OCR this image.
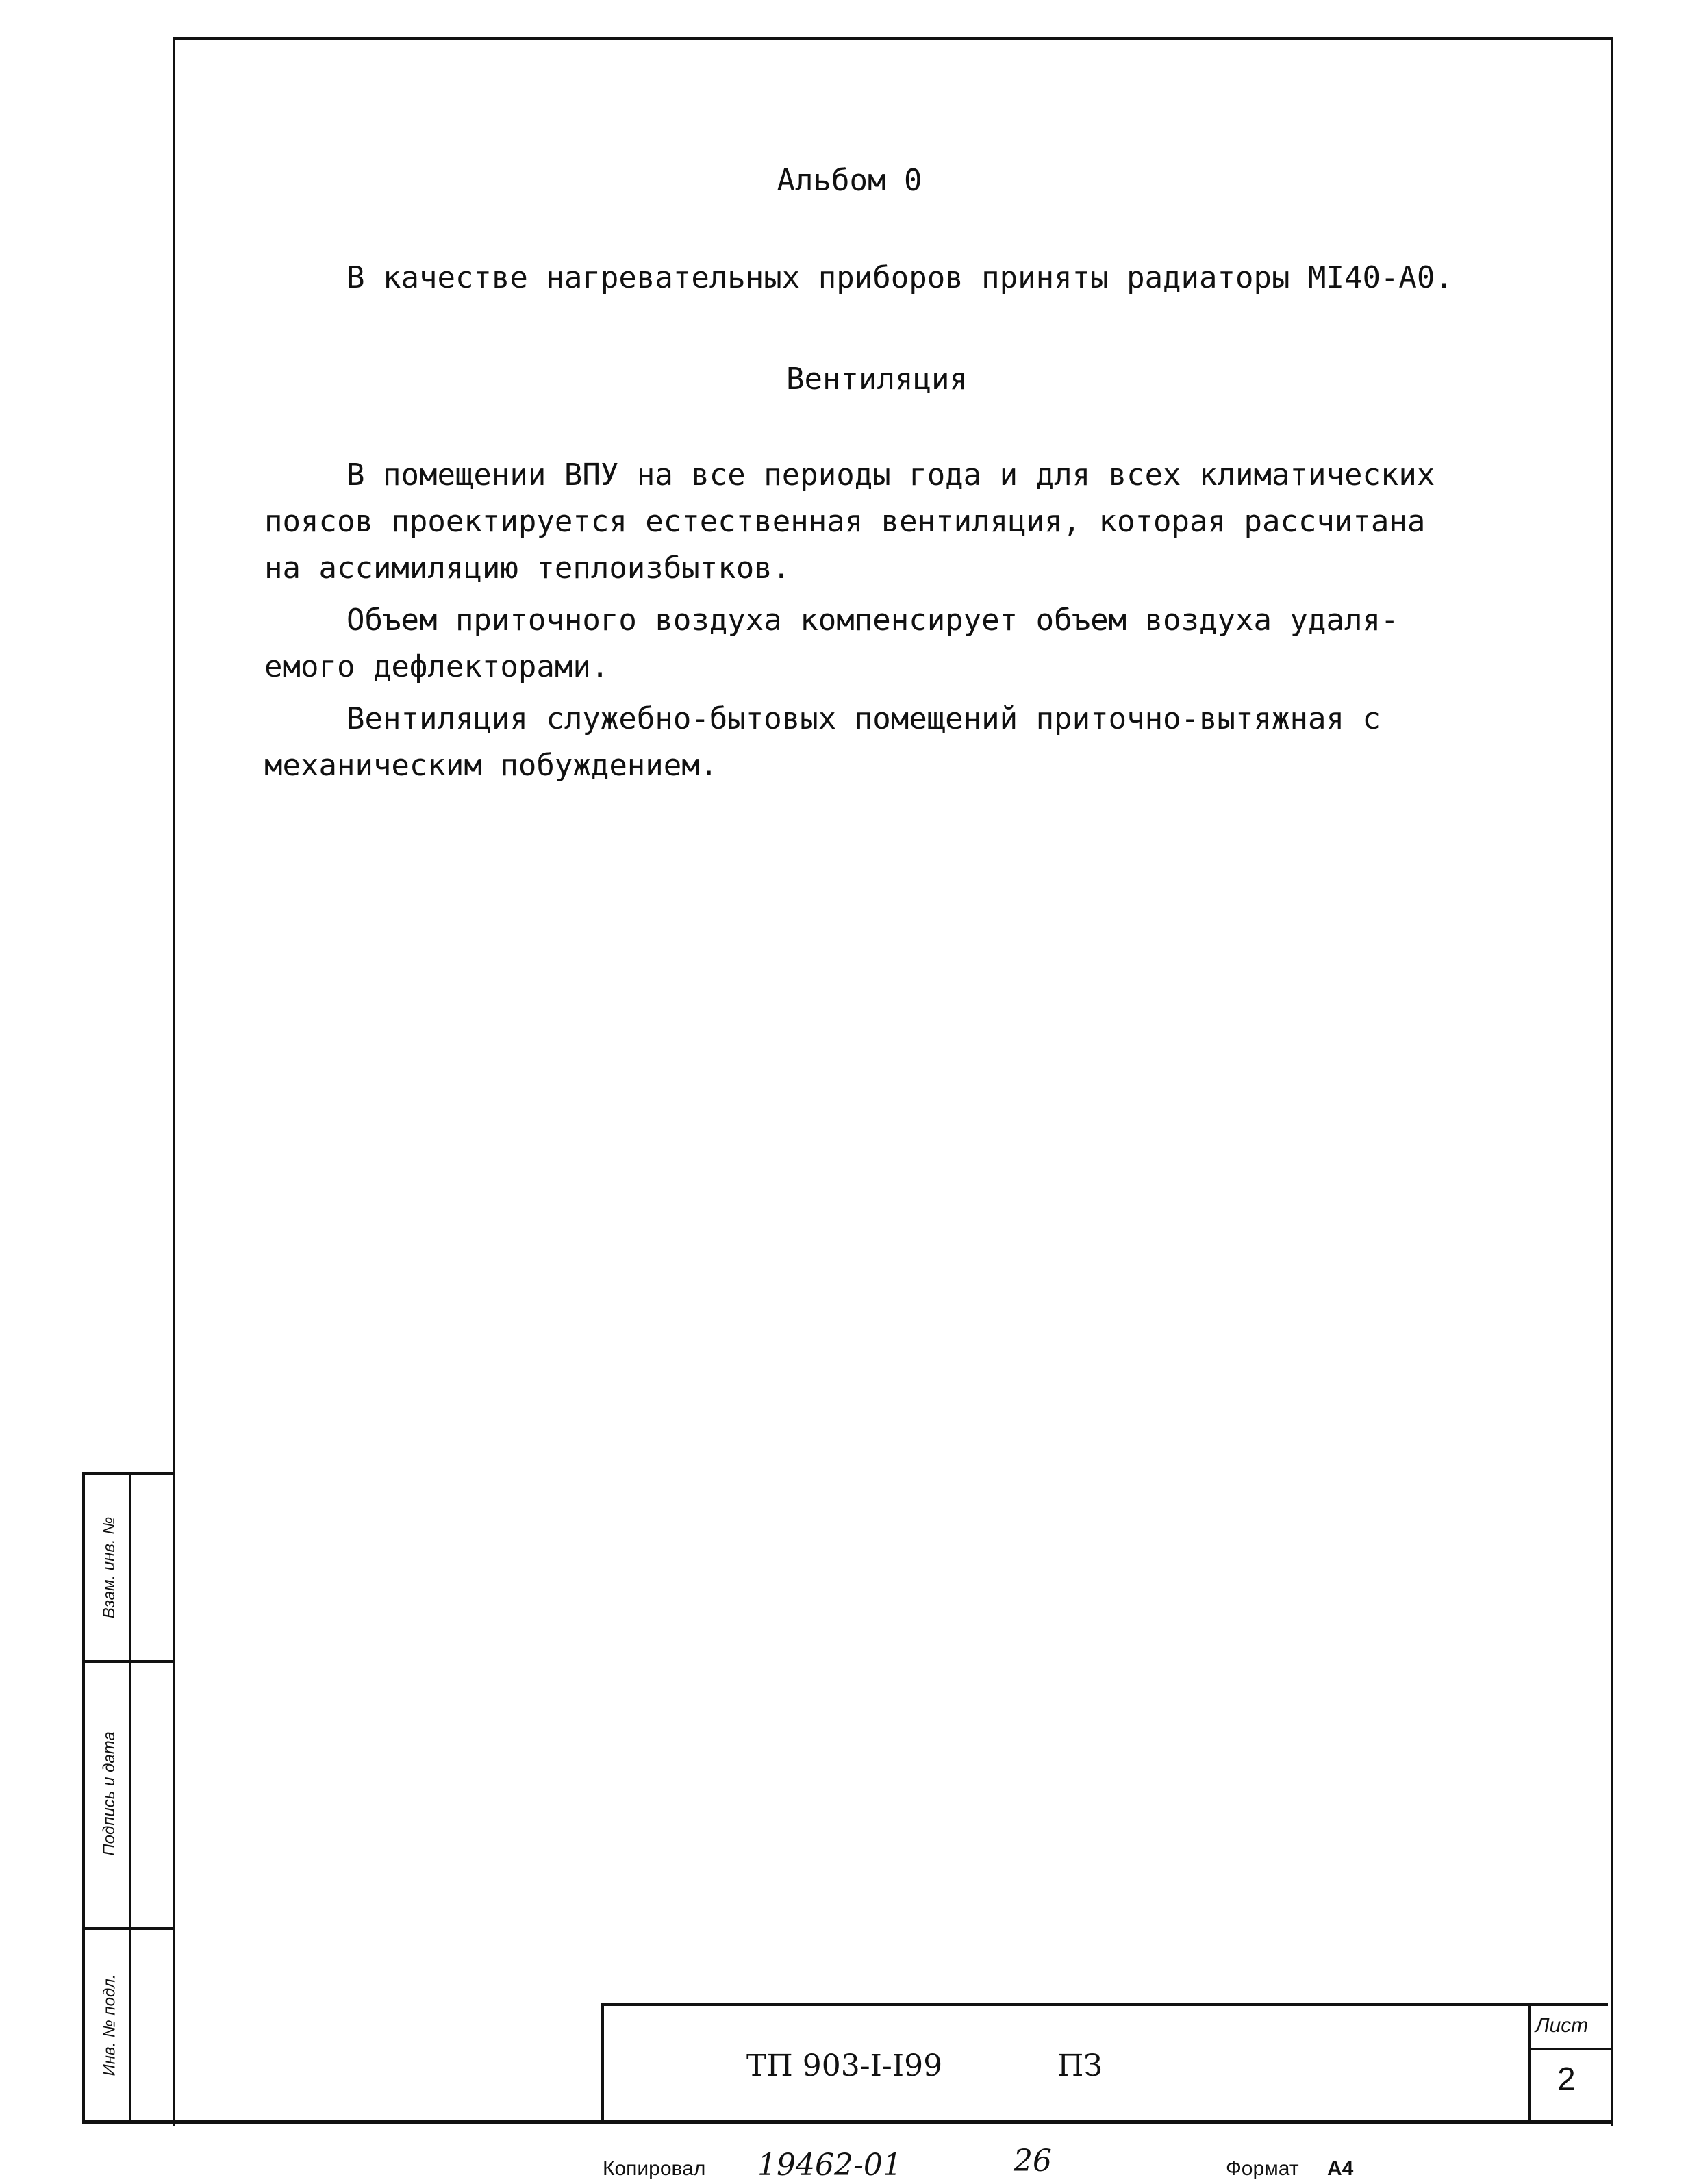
Альбом 0
В качестве нагревательных приборов приняты радиаторы МI40-А0.
Вентиляция
В помещении ВПУ на все периоды года и для всех климатических
поясов проектируется естественная вентиляция, которая рассчитана
на ассимиляцию теплоизбытков.
Объем приточного воздуха компенсирует объем воздуха удаля-
емого дефлекторами.
Вентиляция служебно-бытовых помещений приточно-вытяжная с
механическим побуждением.
Взам. инв. №
Подпись и дата
Инв. № подл.	ТП 903-I-I99	ПЗ
Лист
2
Копировал 19462-01	26	Формат А4
